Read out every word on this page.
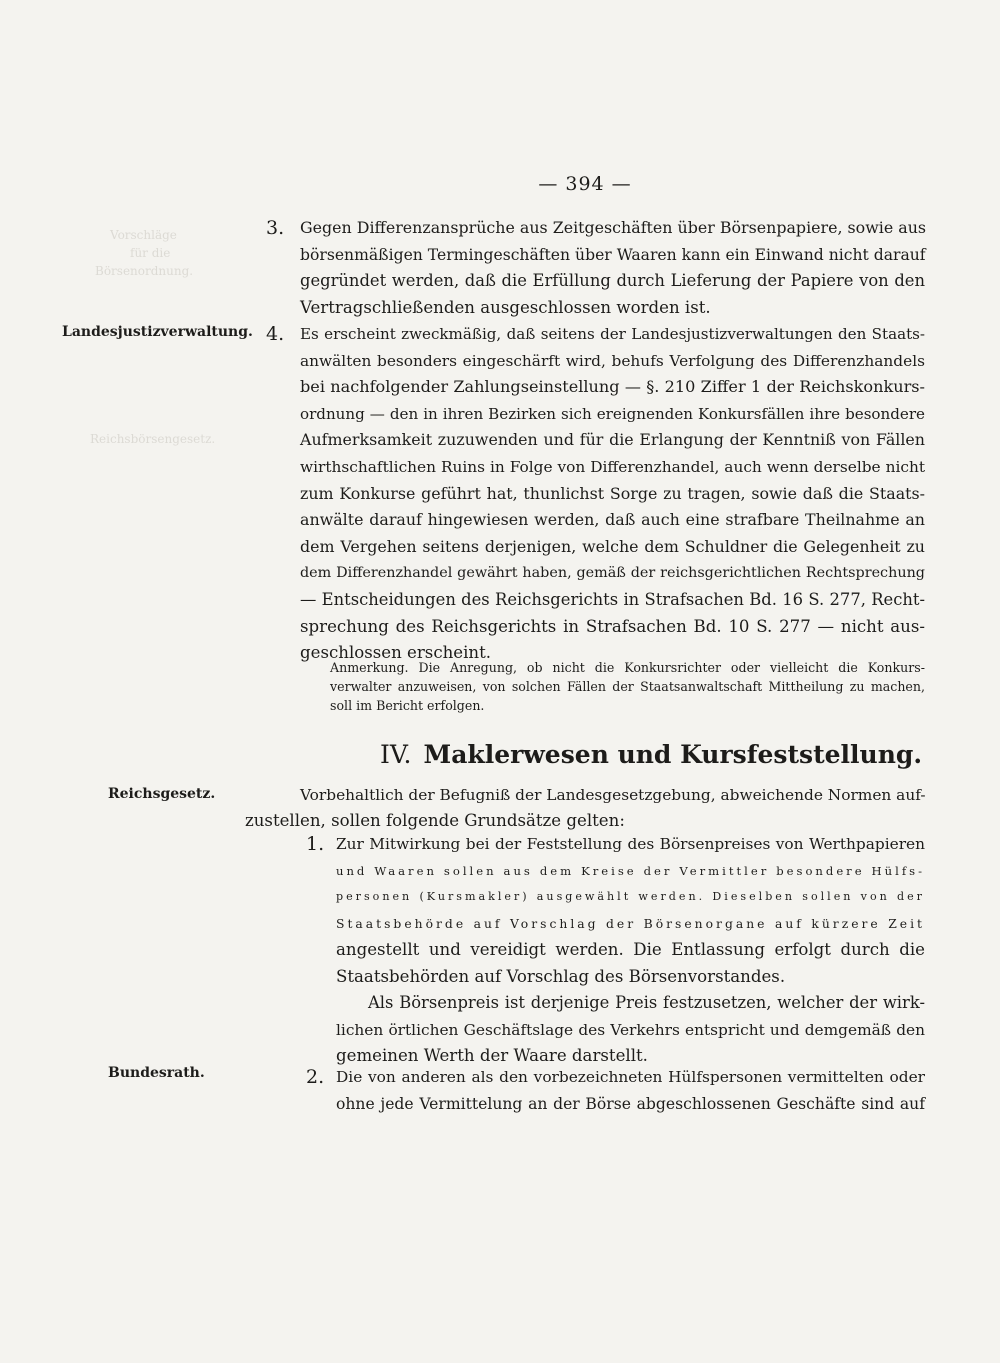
Vorschläge
für die
Börsenordnung.
Reichsbörsengesetz.
— 394 —
3. Gegen Differenzansprüche aus Zeitgeschäften über Börsenpapiere, sowie aus
börsenmäßigen Termingeschäften über Waaren kann ein Einwand nicht darauf
gegründet werden, daß die Erfüllung durch Lieferung der Papiere von den
Vertragschließenden ausgeschlossen worden ist.
Landesjustizverwaltung. 4. Es erscheint zweckmäßig, daß seitens der Landesjustizverwaltungen den Staats-
anwälten besonders eingeschärft wird, behufs Verfolgung des Differenzhandels
bei nachfolgender Zahlungseinstellung — §. 210 Ziffer 1 der Reichskonkurs-
ordnung — den in ihren Bezirken sich ereignenden Konkursfällen ihre besondere
Aufmerksamkeit zuzuwenden und für die Erlangung der Kenntniß von Fällen
wirthschaftlichen Ruins in Folge von Differenzhandel, auch wenn derselbe nicht
zum Konkurse geführt hat, thunlichst Sorge zu tragen, sowie daß die Staats-
anwälte darauf hingewiesen werden, daß auch eine strafbare Theilnahme an
dem Vergehen seitens derjenigen, welche dem Schuldner die Gelegenheit zu
dem Differenzhandel gewährt haben, gemäß der reichsgerichtlichen Rechtsprechung
— Entscheidungen des Reichsgerichts in Strafsachen Bd. 16 S. 277, Recht-
sprechung des Reichsgerichts in Strafsachen Bd. 10 S. 277 — nicht aus-
geschlossen erscheint.
Anmerkung. Die Anregung, ob nicht die Konkursrichter oder vielleicht die Konkurs-
verwalter anzuweisen, von solchen Fällen der Staatsanwaltschaft Mittheilung zu machen,
soll im Bericht erfolgen.
IV. Maklerwesen und Kursfeststellung.
Reichsgesetz.	Vorbehaltlich der Befugniß der Landesgesetzgebung, abweichende Normen auf-
zustellen, sollen folgende Grundsätze gelten:
1. Zur Mitwirkung bei der Feststellung des Börsenpreises von Werthpapieren
und Waaren sollen aus dem Kreise der Vermittler besondere Hülfs-
personen (Kursmakler) ausgewählt werden. Dieselben sollen von der
Staatsbehörde auf Vorschlag der Börsenorgane auf kürzere Zeit
angestellt und vereidigt werden. Die Entlassung erfolgt durch die
Staatsbehörden auf Vorschlag des Börsenvorstandes.
Als Börsenpreis ist derjenige Preis festzusetzen, welcher der wirk-
lichen örtlichen Geschäftslage des Verkehrs entspricht und demgemäß den
gemeinen Werth der Waare darstellt.
Bundesrath.	2. Die von anderen als den vorbezeichneten Hülfspersonen vermittelten oder
ohne jede Vermittelung an der Börse abgeschlossenen Geschäfte sind auf
